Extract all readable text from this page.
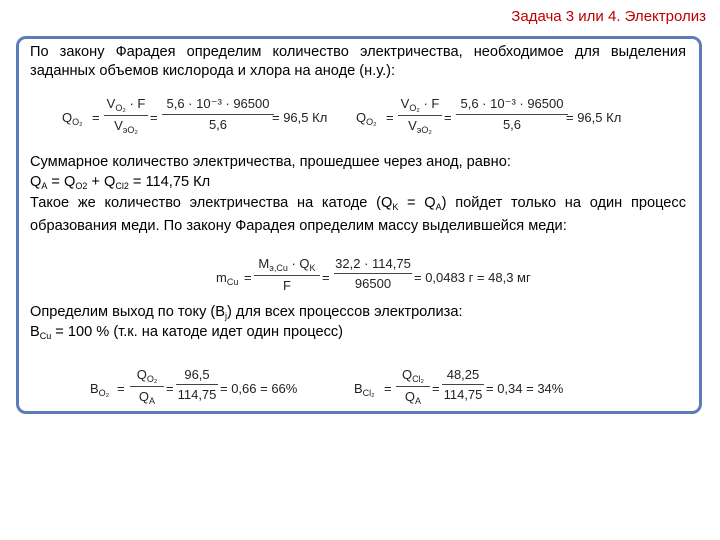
Задача 3 или 4. Электролиз
По закону Фарадея определим количество электричества, необходимое для выделения заданных объемов кислорода и хлора на аноде (н.у.):
$Q_{O_2}$ =
$V_{O_2} \cdot F$
$V_{эO_2}$
=
5,6 · 10⁻³ · 96500
5,6	= 96,5 Кл $Q_{O_2}$ =
$V_{O_2} \cdot F$
$V_{эO_2}$
=
5,6 · 10⁻³ · 96500
5,6	= 96,5 Кл
Суммарное количество электричества, прошедшее через анод, равно:
$Q_A = Q_{O2} + Q_{Cl2} = 114,75$ Кл
Такое же количество электричества на катоде $(Q_K = Q_A)$ пойдет только на один процесс образования меди. По закону Фарадея определим массу выделившейся меди:
$m_{Cu}$ =
$M_{э,Cu} \cdot Q_K$
F
=
32,2 · 114,75
96500	= 0,0483 г = 48,3 мг
Определим выход по току $(B_j)$ для всех процессов электролиза:
$B_{Cu} = 100$ % (т.к. на катоде идет один процесс)
$B_{O_2}$ =
$Q_{O_2}$
$Q_A$
=
96,5
114,75 = 0,66 = 66%	$B_{Cl_2}$ =
$Q_{Cl_2}$
$Q_A$
=
48,25
114,75 = 0,34 = 34%
